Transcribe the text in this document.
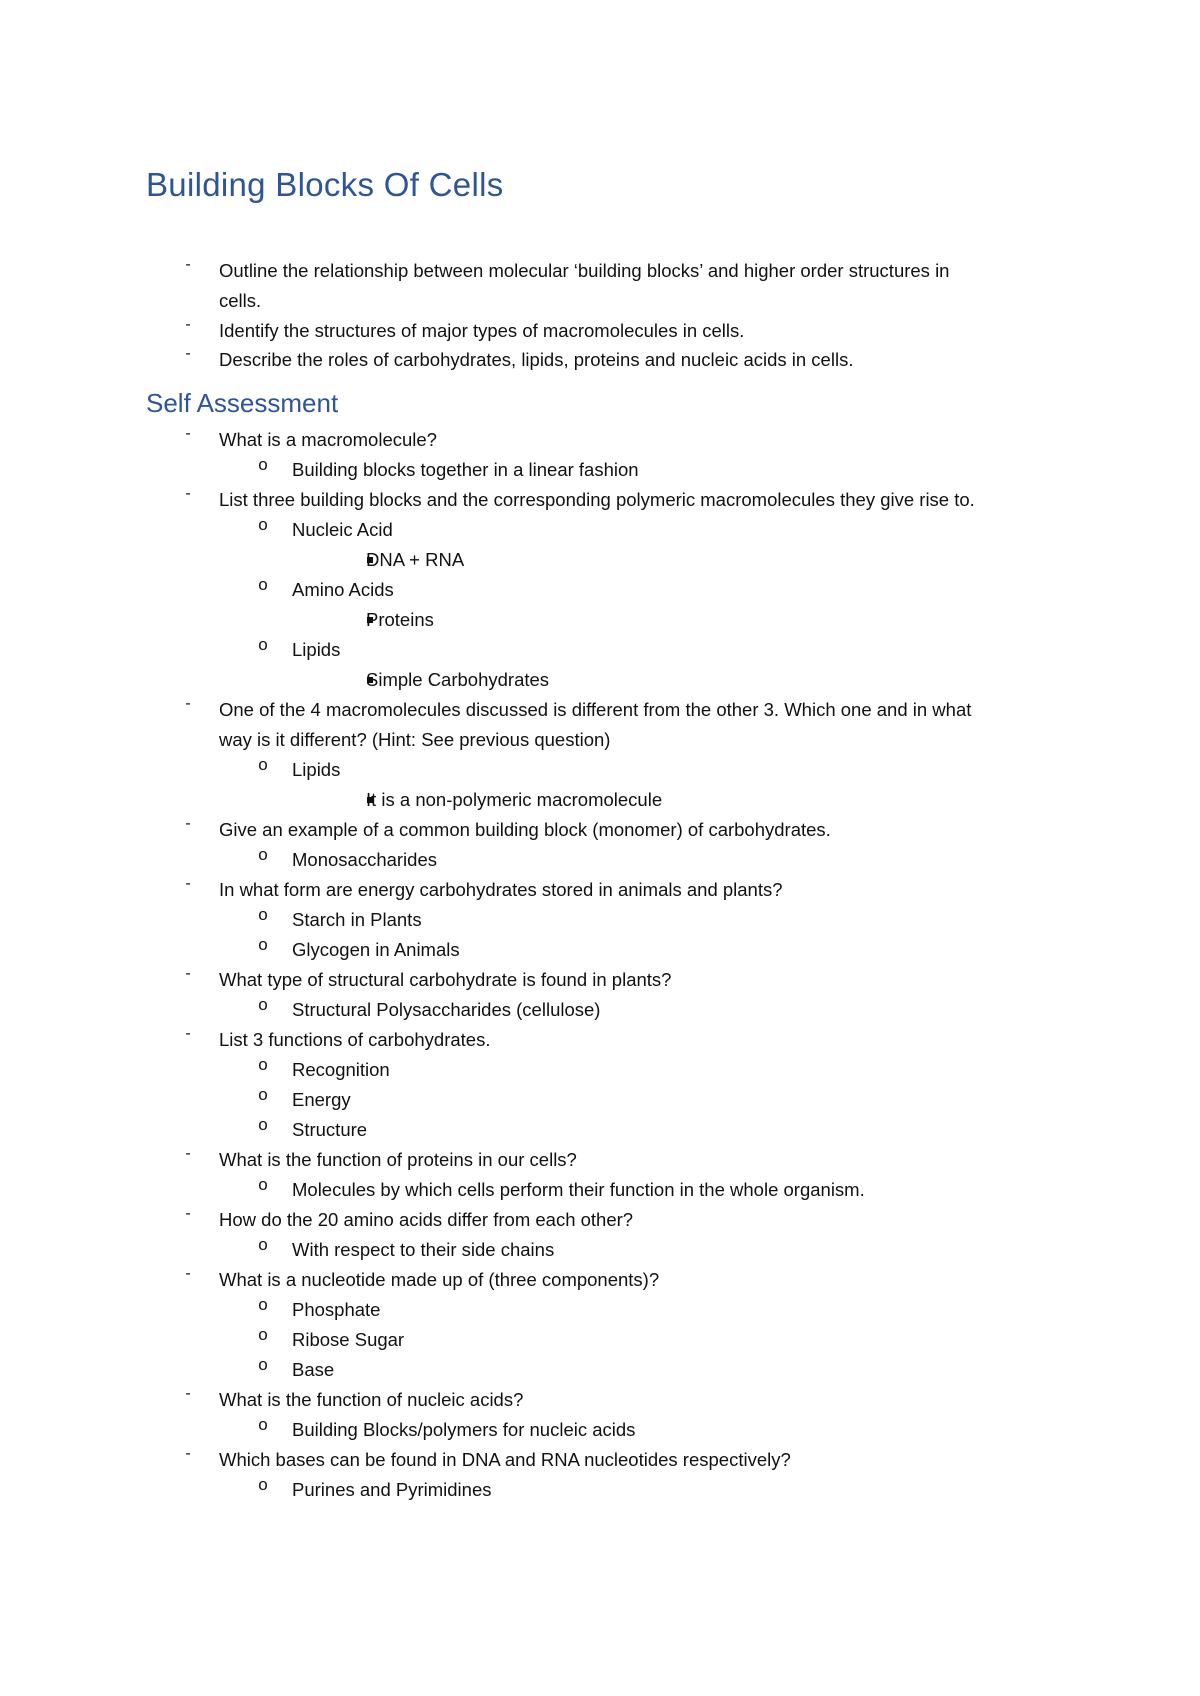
Building Blocks Of Cells
- Outline the relationship between molecular ‘building blocks’ and higher order structures in
cells.
- Identify the structures of major types of macromolecules in cells.
- Describe the roles of carbohydrates, lipids, proteins and nucleic acids in cells.
Self Assessment
- What is a macromolecule?
o Building blocks together in a linear fashion
- List three building blocks and the corresponding polymeric macromolecules they give rise to.
o Nucleic Acid
DNA + RNA
o Amino Acids
Proteins
o Lipids
Simple Carbohydrates
- One of the 4 macromolecules discussed is different from the other 3. Which one and in what
way is it different? (Hint: See previous question)
o Lipids
It is a non-polymeric macromolecule
- Give an example of a common building block (monomer) of carbohydrates.
o Monosaccharides
- In what form are energy carbohydrates stored in animals and plants?
o Starch in Plants
o Glycogen in Animals
- What type of structural carbohydrate is found in plants?
o Structural Polysaccharides (cellulose)
- List 3 functions of carbohydrates.
o Recognition
o Energy
o Structure
- What is the function of proteins in our cells?
o Molecules by which cells perform their function in the whole organism.
- How do the 20 amino acids differ from each other?
o With respect to their side chains
- What is a nucleotide made up of (three components)?
o Phosphate
o Ribose Sugar
o Base
- What is the function of nucleic acids?
o Building Blocks/polymers for nucleic acids
- Which bases can be found in DNA and RNA nucleotides respectively?
o Purines and Pyrimidines
